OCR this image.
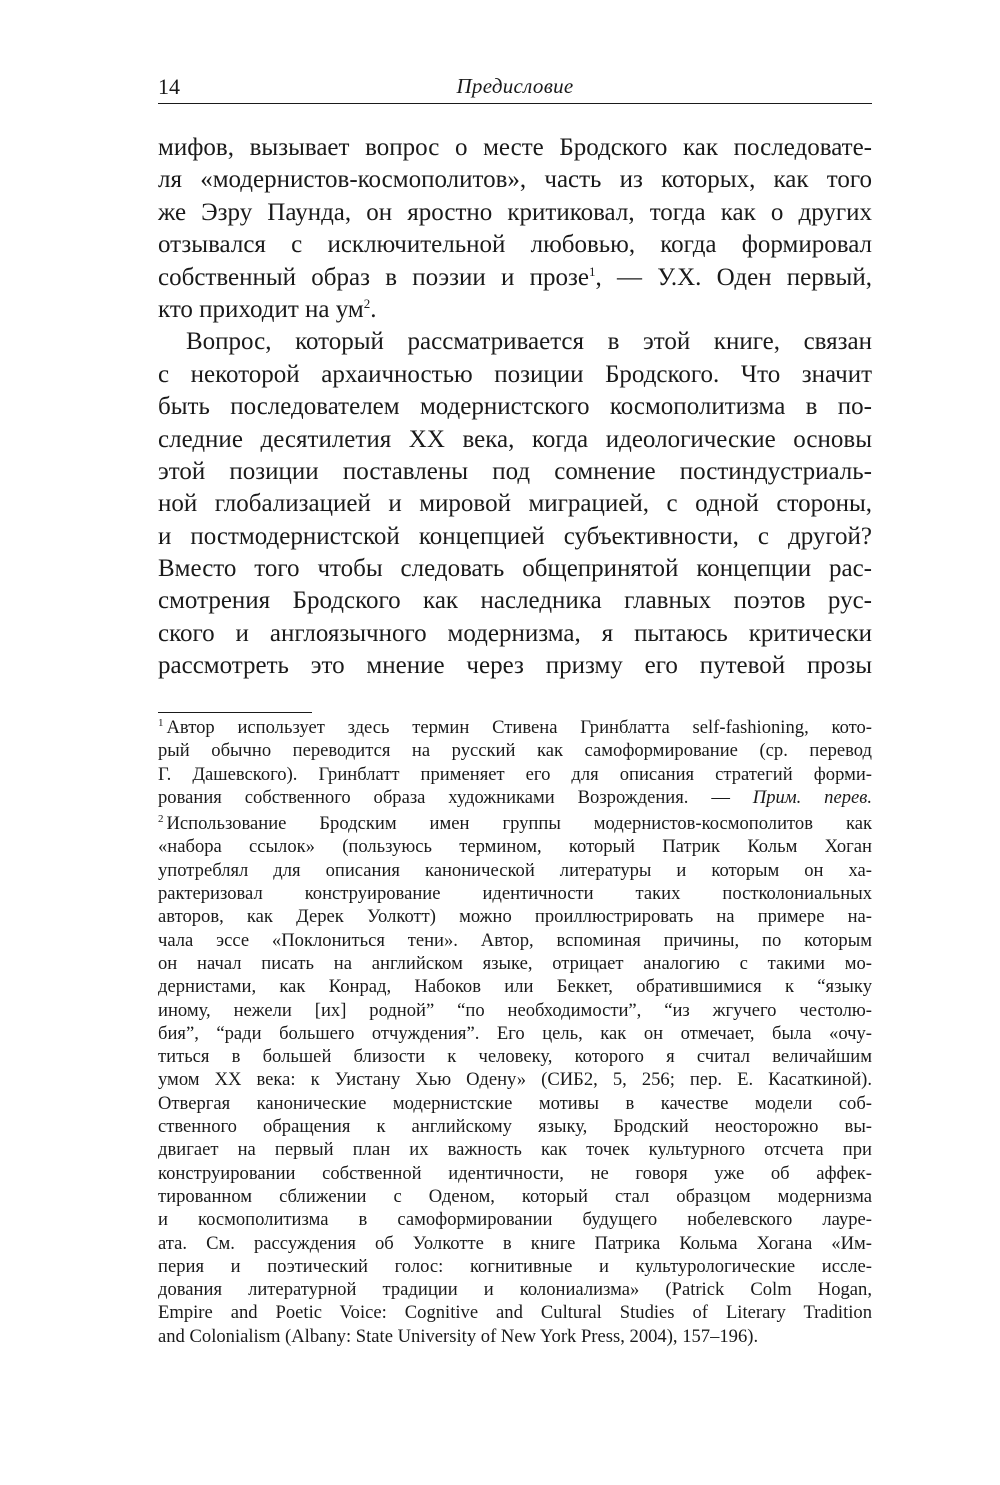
14	Предисловие
мифов, вызывает вопрос о месте Бродского как последовате-
ля «модернистов-космополитов», часть из которых, как того
же Эзру Паунда, он яростно критиковал, тогда как о других
отзывался с исключительной любовью, когда формировал
собственный образ в поэзии и прозе$^1$, — У.Х. Оден первый,
кто приходит на $ум^2$.
Вопрос, который рассматривается в этой книге, связан
с некоторой архаичностью позиции Бродского. Что значит
быть последователем модернистского космополитизма в по-
следние десятилетия XX века, когда идеологические основы
этой позиции поставлены под сомнение постиндустриаль-
ной глобализацией и мировой миграцией, с одной стороны,
и постмодернистской концепцией субъективности, с другой?
Вместо того чтобы следовать общепринятой концепции рас-
смотрения Бродского как наследника главных поэтов рус-
ского и англоязычного модернизма, я пытаюсь критически
рассмотреть это мнение через призму его путевой прозы
$^1$ Автор использует здесь термин Стивена Гринблатта self-fashioning, кото-
рый обычно переводится на русский как самоформирование (ср. перевод
Г. Дашевского). Гринблатт применяет его для описания стратегий форми-
рования собственного образа художниками Возрождения. — Прим. перев.
$^2$ Использование Бродским имен группы модернистов-космополитов как
«набора ссылок» (пользуюсь термином, который Патрик Кольм Хоган
употреблял для описания канонической литературы и которым он ха-
рактеризовал конструирование идентичности таких постколониальных
авторов, как Дерек Уолкотт) можно проиллюстрировать на примере на-
чала эссе «Поклониться тени». Автор, вспоминая причины, по которым
он начал писать на английском языке, отрицает аналогию с такими мо-
дернистами, как Конрад, Набоков или Беккет, обратившимися к “языку
иному, нежели [их] родной” “по необходимости”, “из жгучего честолю-
бия”, “ради большего отчуждения”. Его цель, как он отмечает, была «очу-
титься в большей близости к человеку, которого я считал величайшим
умом XX века: к Уистану Хью Одену» (СИБ2, 5, 256; пер. Е. Касаткиной).
Отвергая канонические модернистские мотивы в качестве модели соб-
ственного обращения к английскому языку, Бродский неосторожно вы-
двигает на первый план их важность как точек культурного отсчета при
конструировании собственной идентичности, не говоря уже об аффек-
тированном сближении с Оденом, который стал образцом модернизма
и космополитизма в самоформировании будущего нобелевского лауре-
ата. См. рассуждения об Уолкотте в книге Патрика Кольма Хогана «Им-
перия и поэтический голос: когнитивные и культурологические иссле-
дования литературной традиции и колониализма» (Patrick Colm Hogan,
Empire and Poetic Voice: Cognitive and Cultural Studies of Literary Tradition
and Colonialism (Albany: State University of New York Press, 2004), 157–196).
